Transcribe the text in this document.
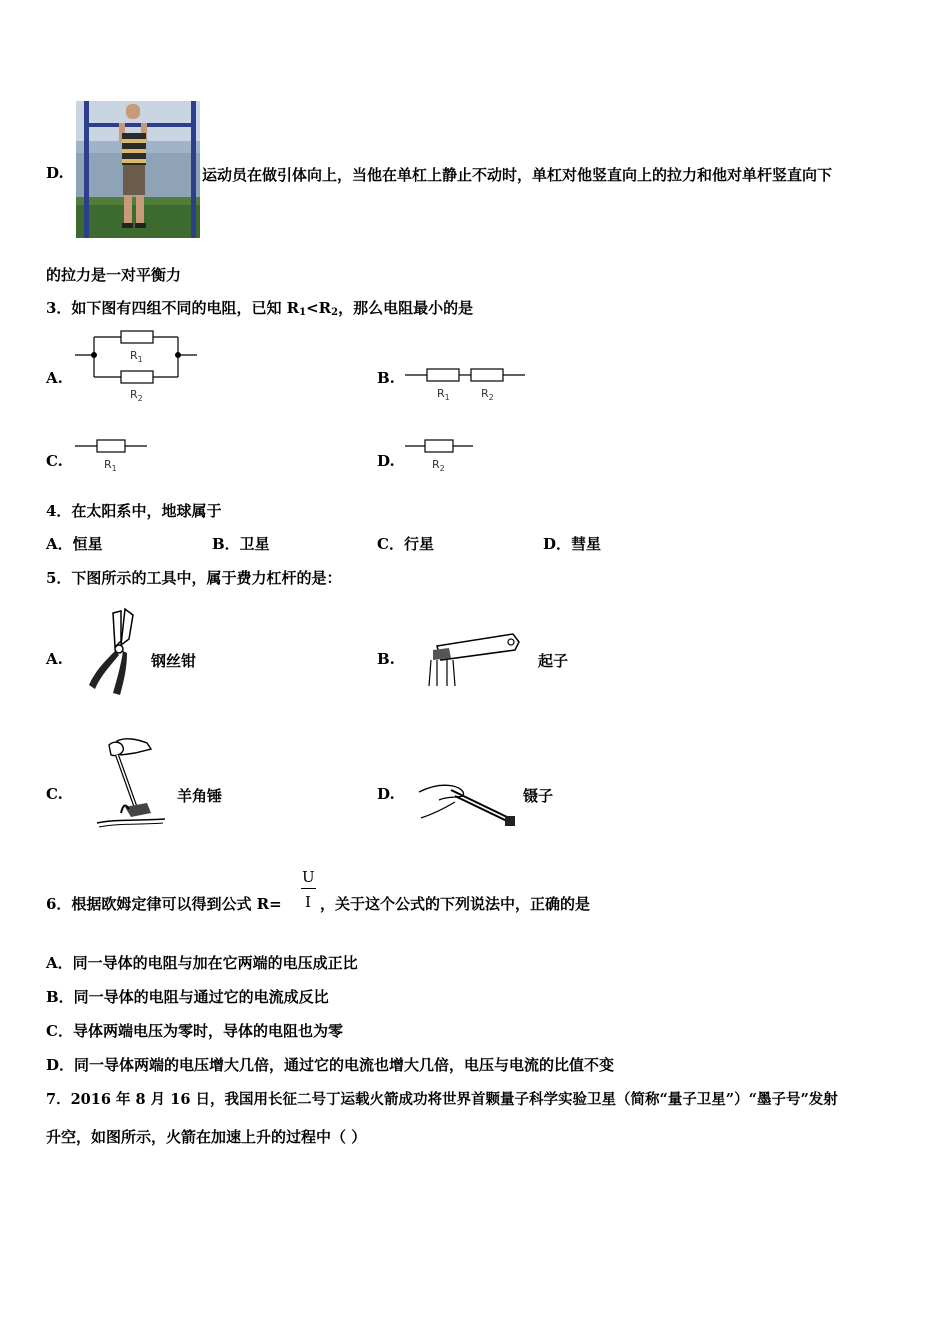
D.	运动员在做引体向上，当他在单杠上静止不动时，单杠对他竖直向上的拉力和他对单杆竖直向下
的拉力是一对平衡力
3．如下图有四组不同的电阻，已知 $R_1<R_2$，那么电阻最小的是
A.
$R_1$
$R_2$
B.
$R_1$	$R_2$
C.	$R_1$	D.	$R_2$
4．在太阳系中，地球属于
A．恒星	B．卫星	C．行星	D．彗星
5．下图所示的工具中，属于费力杠杆的是：
A.	钢丝钳	B.	起子
C.	羊角锤	D.	镊子
6．根据欧姆定律可以得到公式 R=
U
I ，关于这个公式的下列说法中，正确的是
A．同一导体的电阻与加在它两端的电压成正比
B．同一导体的电阻与通过它的电流成反比
C．导体两端电压为零时，导体的电阻也为零
D．同一导体两端的电压增大几倍，通过它的电流也增大几倍，电压与电流的比值不变
7．2016 年 8 月 16 日，我国用长征二号丁运载火箭成功将世界首颗量子科学实验卫星（简称“量子卫星”）“墨子号”发射
升空，如图所示，火箭在加速上升的过程中（ ）
